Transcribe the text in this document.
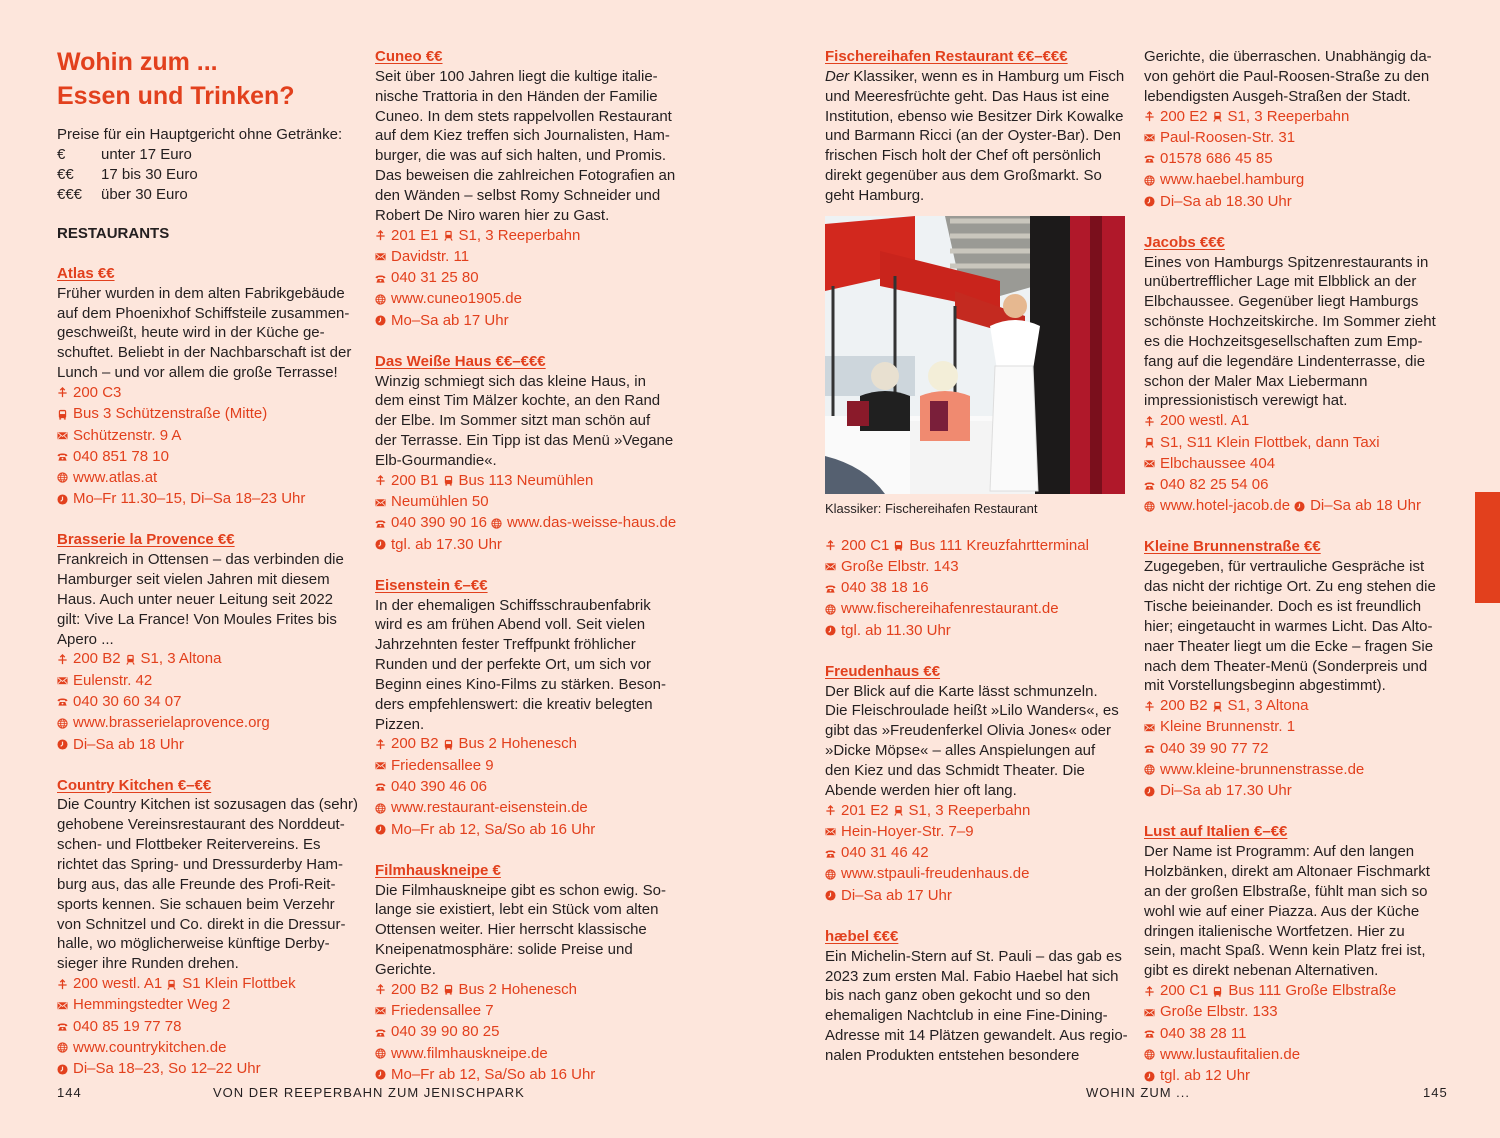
Wohin zum ...
Essen und Trinken?
Preise für ein Hauptgericht ohne Getränke:
€	unter 17 Euro
€€	17 bis 30 Euro
€€€	über 30 Euro
RESTAURANTS
Atlas €€
Früher wurden in dem alten Fabrikgebäude
auf dem Phoenixhof Schiffsteile zusammen-
geschweißt, heute wird in der Küche ge-
schuftet. Beliebt in der Nachbarschaft ist der
Lunch – und vor allem die große Terrasse!
200 C3
Bus 3 Schützenstraße (Mitte)
Schützenstr. 9 A
040 851 78 10
www.atlas.at
Mo–Fr 11.30–15, Di–Sa 18–23 Uhr
Brasserie la Provence €€
Frankreich in Ottensen – das verbinden die
Hamburger seit vielen Jahren mit diesem
Haus. Auch unter neuer Leitung seit 2022
gilt: Vive La France! Von Moules Frites bis
Apero ...
200 B2 S1, 3 Altona
Eulenstr. 42
040 30 60 34 07
www.brasserielaprovence.org
Di–Sa ab 18 Uhr
Country Kitchen €–€€
Die Country Kitchen ist sozusagen das (sehr)
gehobene Vereinsrestaurant des Norddeut-
schen- und Flottbeker Reitervereins. Es
richtet das Spring- und Dressurderby Ham-
burg aus, das alle Freunde des Profi-Reit-
sports kennen. Sie schauen beim Verzehr
von Schnitzel und Co. direkt in die Dressur-
halle, wo möglicherweise künftige Derby-
sieger ihre Runden drehen.
200 westl. A1 S1 Klein Flottbek
Hemmingstedter Weg 2
040 85 19 77 78
www.countrykitchen.de
Di–Sa 18–23, So 12–22 Uhr
Cuneo €€
Seit über 100 Jahren liegt die kultige italie-
nische Trattoria in den Händen der Familie
Cuneo. In dem stets rappelvollen Restaurant
auf dem Kiez treffen sich Journalisten, Ham-
burger, die was auf sich halten, und Promis.
Das beweisen die zahlreichen Fotografien an
den Wänden – selbst Romy Schneider und
Robert De Niro waren hier zu Gast.
201 E1 S1, 3 Reeperbahn
Davidstr. 11
040 31 25 80
www.cuneo1905.de
Mo–Sa ab 17 Uhr
Das Weiße Haus €€–€€€
Winzig schmiegt sich das kleine Haus, in
dem einst Tim Mälzer kochte, an den Rand
der Elbe. Im Sommer sitzt man schön auf
der Terrasse. Ein Tipp ist das Menü »Vegane
Elb-Gourmandie«.
200 B1 Bus 113 Neumühlen
Neumühlen 50
040 390 90 16 www.das-weisse-haus.de
tgl. ab 17.30 Uhr
Eisenstein €–€€
In der ehemaligen Schiffsschraubenfabrik
wird es am frühen Abend voll. Seit vielen
Jahrzehnten fester Treffpunkt fröhlicher
Runden und der perfekte Ort, um sich vor
Beginn eines Kino-Films zu stärken. Beson-
ders empfehlenswert: die kreativ belegten
Pizzen.
200 B2 Bus 2 Hohenesch
Friedensallee 9
040 390 46 06
www.restaurant-eisenstein.de
Mo–Fr ab 12, Sa/So ab 16 Uhr
Filmhauskneipe €
Die Filmhauskneipe gibt es schon ewig. So-
lange sie existiert, lebt ein Stück vom alten
Ottensen weiter. Hier herrscht klassische
Kneipenatmosphäre: solide Preise und
Gerichte.
200 B2 Bus 2 Hohenesch
Friedensallee 7
040 39 90 80 25
www.filmhauskneipe.de
Mo–Fr ab 12, Sa/So ab 16 Uhr
Fischereihafen Restaurant €€–€€€
Der Klassiker, wenn es in Hamburg um Fisch
und Meeresfrüchte geht. Das Haus ist eine
Institution, ebenso wie Besitzer Dirk Kowalke
und Barmann Ricci (an der Oyster-Bar). Den
frischen Fisch holt der Chef oft persönlich
direkt gegenüber aus dem Großmarkt. So
geht Hamburg.
Klassiker: Fischereihafen Restaurant
200 C1 Bus 111 Kreuzfahrtterminal
Große Elbstr. 143
040 38 18 16
www.fischereihafenrestaurant.de
tgl. ab 11.30 Uhr
Freudenhaus €€
Der Blick auf die Karte lässt schmunzeln.
Die Fleischroulade heißt »Lilo Wanders«, es
gibt das »Freudenferkel Olivia Jones« oder
»Dicke Möpse« – alles Anspielungen auf
den Kiez und das Schmidt Theater. Die
Abende werden hier oft lang.
201 E2 S1, 3 Reeperbahn
Hein-Hoyer-Str. 7–9
040 31 46 42
www.stpauli-freudenhaus.de
Di–Sa ab 17 Uhr
hæbel €€€
Ein Michelin-Stern auf St. Pauli – das gab es
2023 zum ersten Mal. Fabio Haebel hat sich
bis nach ganz oben gekocht und so den
ehemaligen Nachtclub in eine Fine-Dining-
Adresse mit 14 Plätzen gewandelt. Aus regio-
nalen Produkten entstehen besondere
Gerichte, die überraschen. Unabhängig da-
von gehört die Paul-Roosen-Straße zu den
lebendigsten Ausgeh-Straßen der Stadt.
200 E2 S1, 3 Reeperbahn
Paul-Roosen-Str. 31
01578 686 45 85
www.haebel.hamburg
Di–Sa ab 18.30 Uhr
Jacobs €€€
Eines von Hamburgs Spitzenrestaurants in
unübertrefflicher Lage mit Elbblick an der
Elbchaussee. Gegenüber liegt Hamburgs
schönste Hochzeitskirche. Im Sommer zieht
es die Hochzeitsgesellschaften zum Emp-
fang auf die legendäre Lindenterrasse, die
schon der Maler Max Liebermann
impressionistisch verewigt hat.
200 westl. A1
S1, S11 Klein Flottbek, dann Taxi
Elbchaussee 404
040 82 25 54 06
www.hotel-jacob.de Di–Sa ab 18 Uhr
Kleine Brunnenstraße €€
Zugegeben, für vertrauliche Gespräche ist
das nicht der richtige Ort. Zu eng stehen die
Tische beieinander. Doch es ist freundlich
hier; eingetaucht in warmes Licht. Das Alto-
naer Theater liegt um die Ecke – fragen Sie
nach dem Theater-Menü (Sonderpreis und
mit Vorstellungsbeginn abgestimmt).
200 B2 S1, 3 Altona
Kleine Brunnenstr. 1
040 39 90 77 72
www.kleine-brunnenstrasse.de
Di–Sa ab 17.30 Uhr
Lust auf Italien €–€€
Der Name ist Programm: Auf den langen
Holzbänken, direkt am Altonaer Fischmarkt
an der großen Elbstraße, fühlt man sich so
wohl wie auf einer Piazza. Aus der Küche
dringen italienische Wortfetzen. Hier zu
sein, macht Spaß. Wenn kein Platz frei ist,
gibt es direkt nebenan Alternativen.
200 C1 Bus 111 Große Elbstraße
Große Elbstr. 133
040 38 28 11
www.lustaufitalien.de
tgl. ab 12 Uhr
144	VON DER REEPERBAHN ZUM JENISCHPARK	WOHIN ZUM ...	145
